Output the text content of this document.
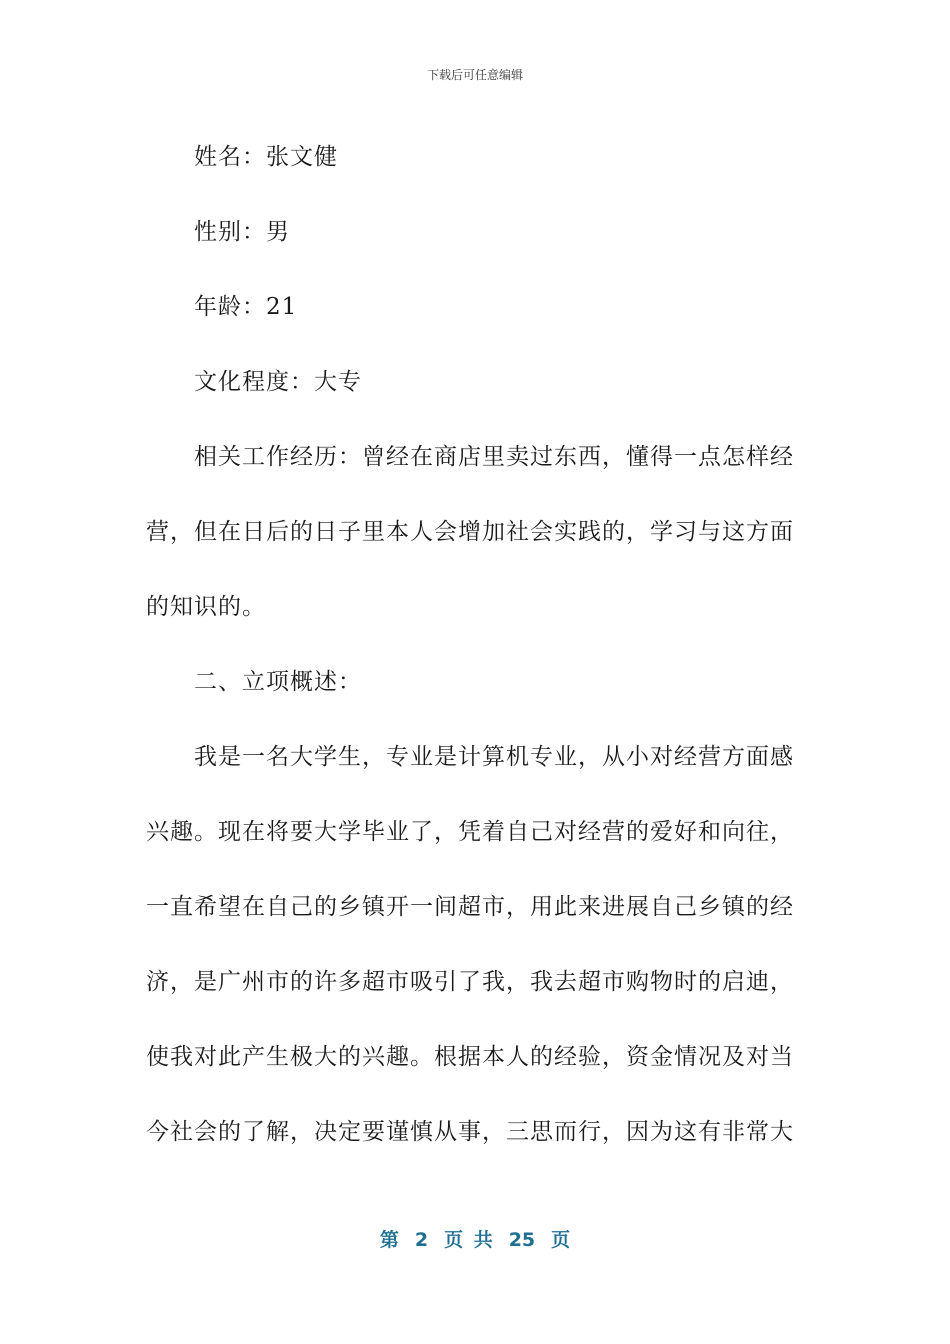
下载后可任意编辑
姓名：张文健
性别：男
年龄：21
文化程度：大专
相关工作经历：曾经在商店里卖过东西，懂得一点怎样经
营，但在日后的日子里本人会增加社会实践的，学习与这方面
的知识的。
二、立项概述：
我是一名大学生，专业是计算机专业，从小对经营方面感
兴趣。现在将要大学毕业了，凭着自己对经营的爱好和向往，
一直希望在自己的乡镇开一间超市，用此来进展自己乡镇的经
济，是广州市的许多超市吸引了我，我去超市购物时的启迪，
使我对此产生极大的兴趣。根据本人的经验，资金情况及对当
今社会的了解，决定要谨慎从事，三思而行，因为这有非常大
第 2 页 共 25 页
